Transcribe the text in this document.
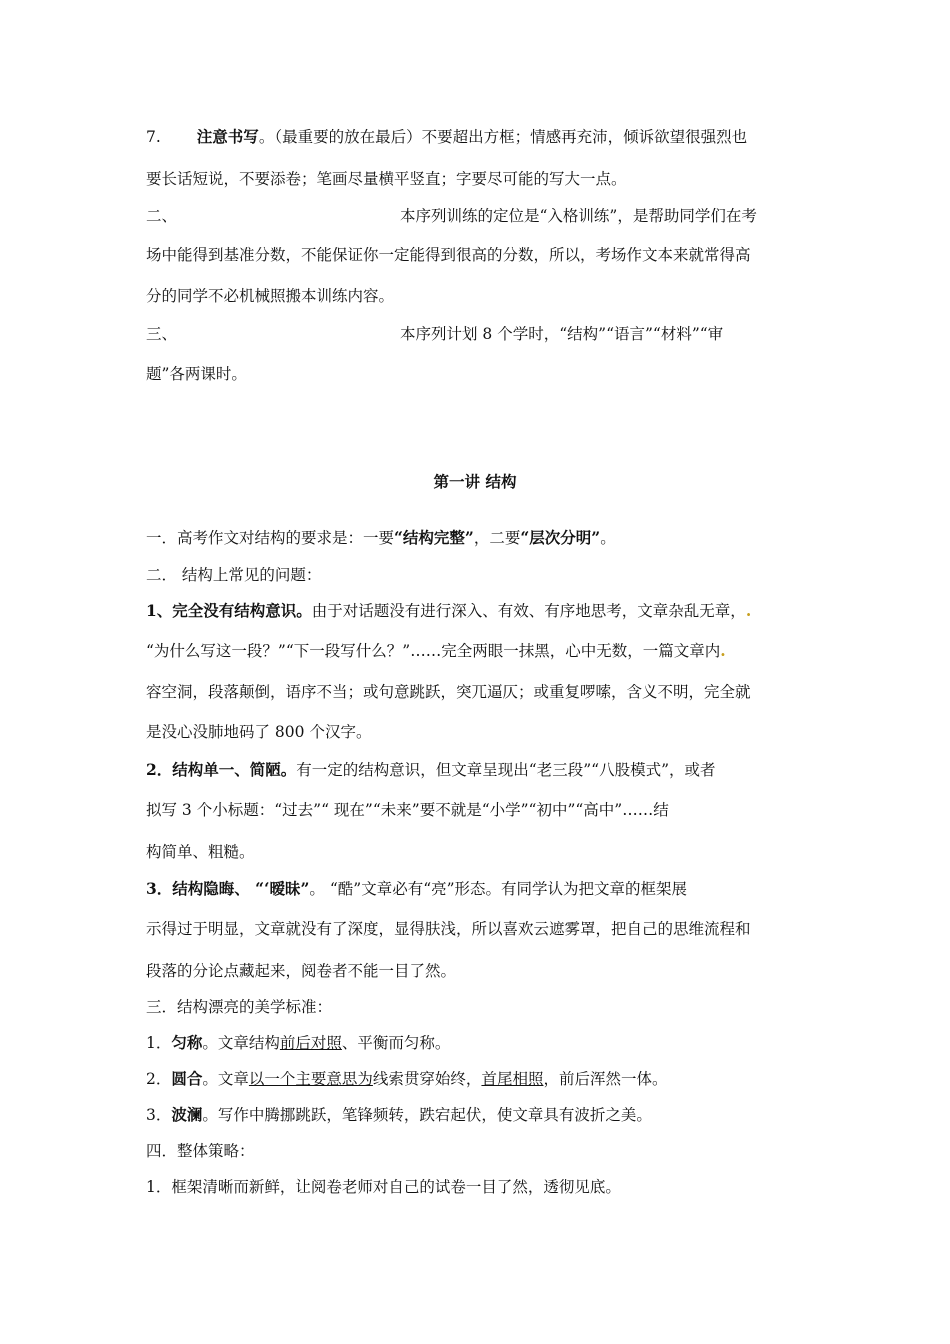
7. 注意书写。（最重要的放在最后）不要超出方框；情感再充沛，倾诉欲望很强烈也
要长话短说，不要添卷；笔画尽量横平竖直；字要尽可能的写大一点。
二、	本序列训练的定位是“入格训练”，是帮助同学们在考
场中能得到基准分数，不能保证你一定能得到很高的分数，所以，考场作文本来就常得高
分的同学不必机械照搬本训练内容。
三、	本序列计划 8 个学时，“结构”“语言”“材料”“审
题”各两课时。
第一讲 结构
一．高考作文对结构的要求是：一要“结构完整”，二要“层次分明”。
二． 结构上常见的问题：
1、完全没有结构意识。由于对话题没有进行深入、有效、有序地思考，文章杂乱无章，.
“为什么写这一段？”“下一段写什么？”……完全两眼一抹黑，心中无数，一篇文章内.
容空洞，段落颠倒，语序不当；或句意跳跃，突兀逼仄；或重复啰嗦，含义不明，完全就
是没心没肺地码了 800 个汉字。
2．结构单一、简陋。有一定的结构意识，但文章呈现出“老三段”“八股模式”，或者
拟写 3 个小标题：“过去”“ 现在”“未来”要不就是“小学”“初中”“高中”……结
构简单、粗糙。
3．结构隐晦、 “‘暧昧”。 “酷”文章必有“亮”形态。有同学认为把文章的框架展
示得过于明显，文章就没有了深度，显得肤浅，所以喜欢云遮雾罩，把自己的思维流程和
段落的分论点藏起来，阅卷者不能一目了然。
三．结构漂亮的美学标准：
1．匀称。文章结构前后对照、平衡而匀称。
2．圆合。文章以一个主要意思为线索贯穿始终，首尾相照，前后浑然一体。
3．波澜。写作中腾挪跳跃，笔锋频转，跌宕起伏，使文章具有波折之美。
四．整体策略：
1．框架清晰而新鲜，让阅卷老师对自己的试卷一目了然，透彻见底。
